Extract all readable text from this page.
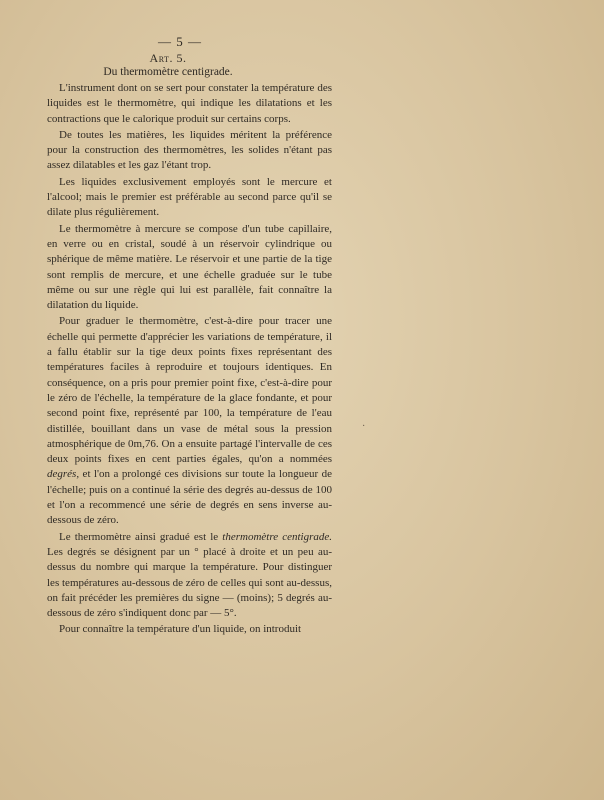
— 5 —
Art. 5.
Du thermomètre centigrade.

L'instrument dont on se sert pour constater la température des liquides est le thermomètre, qui indique les dilatations et les contractions que le calorique produit sur certains corps.

De toutes les matières, les liquides méritent la préférence pour la construction des thermomètres, les solides n'étant pas assez dilatables et les gaz l'étant trop.

Les liquides exclusivement employés sont le mercure et l'alcool; mais le premier est préférable au second parce qu'il se dilate plus régulièrement.

Le thermomètre à mercure se compose d'un tube capillaire, en verre ou en cristal, soudé à un réservoir cylindrique ou sphérique de même matière. Le réservoir et une partie de la tige sont remplis de mercure, et une échelle graduée sur le tube même ou sur une règle qui lui est parallèle, fait connaître la dilatation du liquide.

Pour graduer le thermomètre, c'est-à-dire pour tracer une échelle qui permette d'apprécier les variations de température, il a fallu établir sur la tige deux points fixes représentant des températures faciles à reproduire et toujours identiques. En conséquence, on a pris pour premier point fixe, c'est-à-dire pour le zéro de l'échelle, la température de la glace fondante, et pour second point fixe, représenté par 100, la température de l'eau distillée, bouillant dans un vase de métal sous la pression atmosphérique de 0m,76. On a ensuite partagé l'intervalle de ces deux points fixes en cent parties égales, qu'on a nommées degrés, et l'on a prolongé ces divisions sur toute la longueur de l'échelle; puis on a continué la série des degrés au-dessus de 100 et l'on a recommencé une série de degrés en sens inverse au-dessous de zéro.

Le thermomètre ainsi gradué est le thermomètre centigrade. Les degrés se désignent par un ° placé à droite et un peu au-dessus du nombre qui marque la température. Pour distinguer les températures au-dessous de zéro de celles qui sont au-dessus, on fait précéder les premières du signe — (moins); 5 degrés au-dessous de zéro s'indiquent donc par — 5°.

Pour connaître la température d'un liquide, on introduit

·
